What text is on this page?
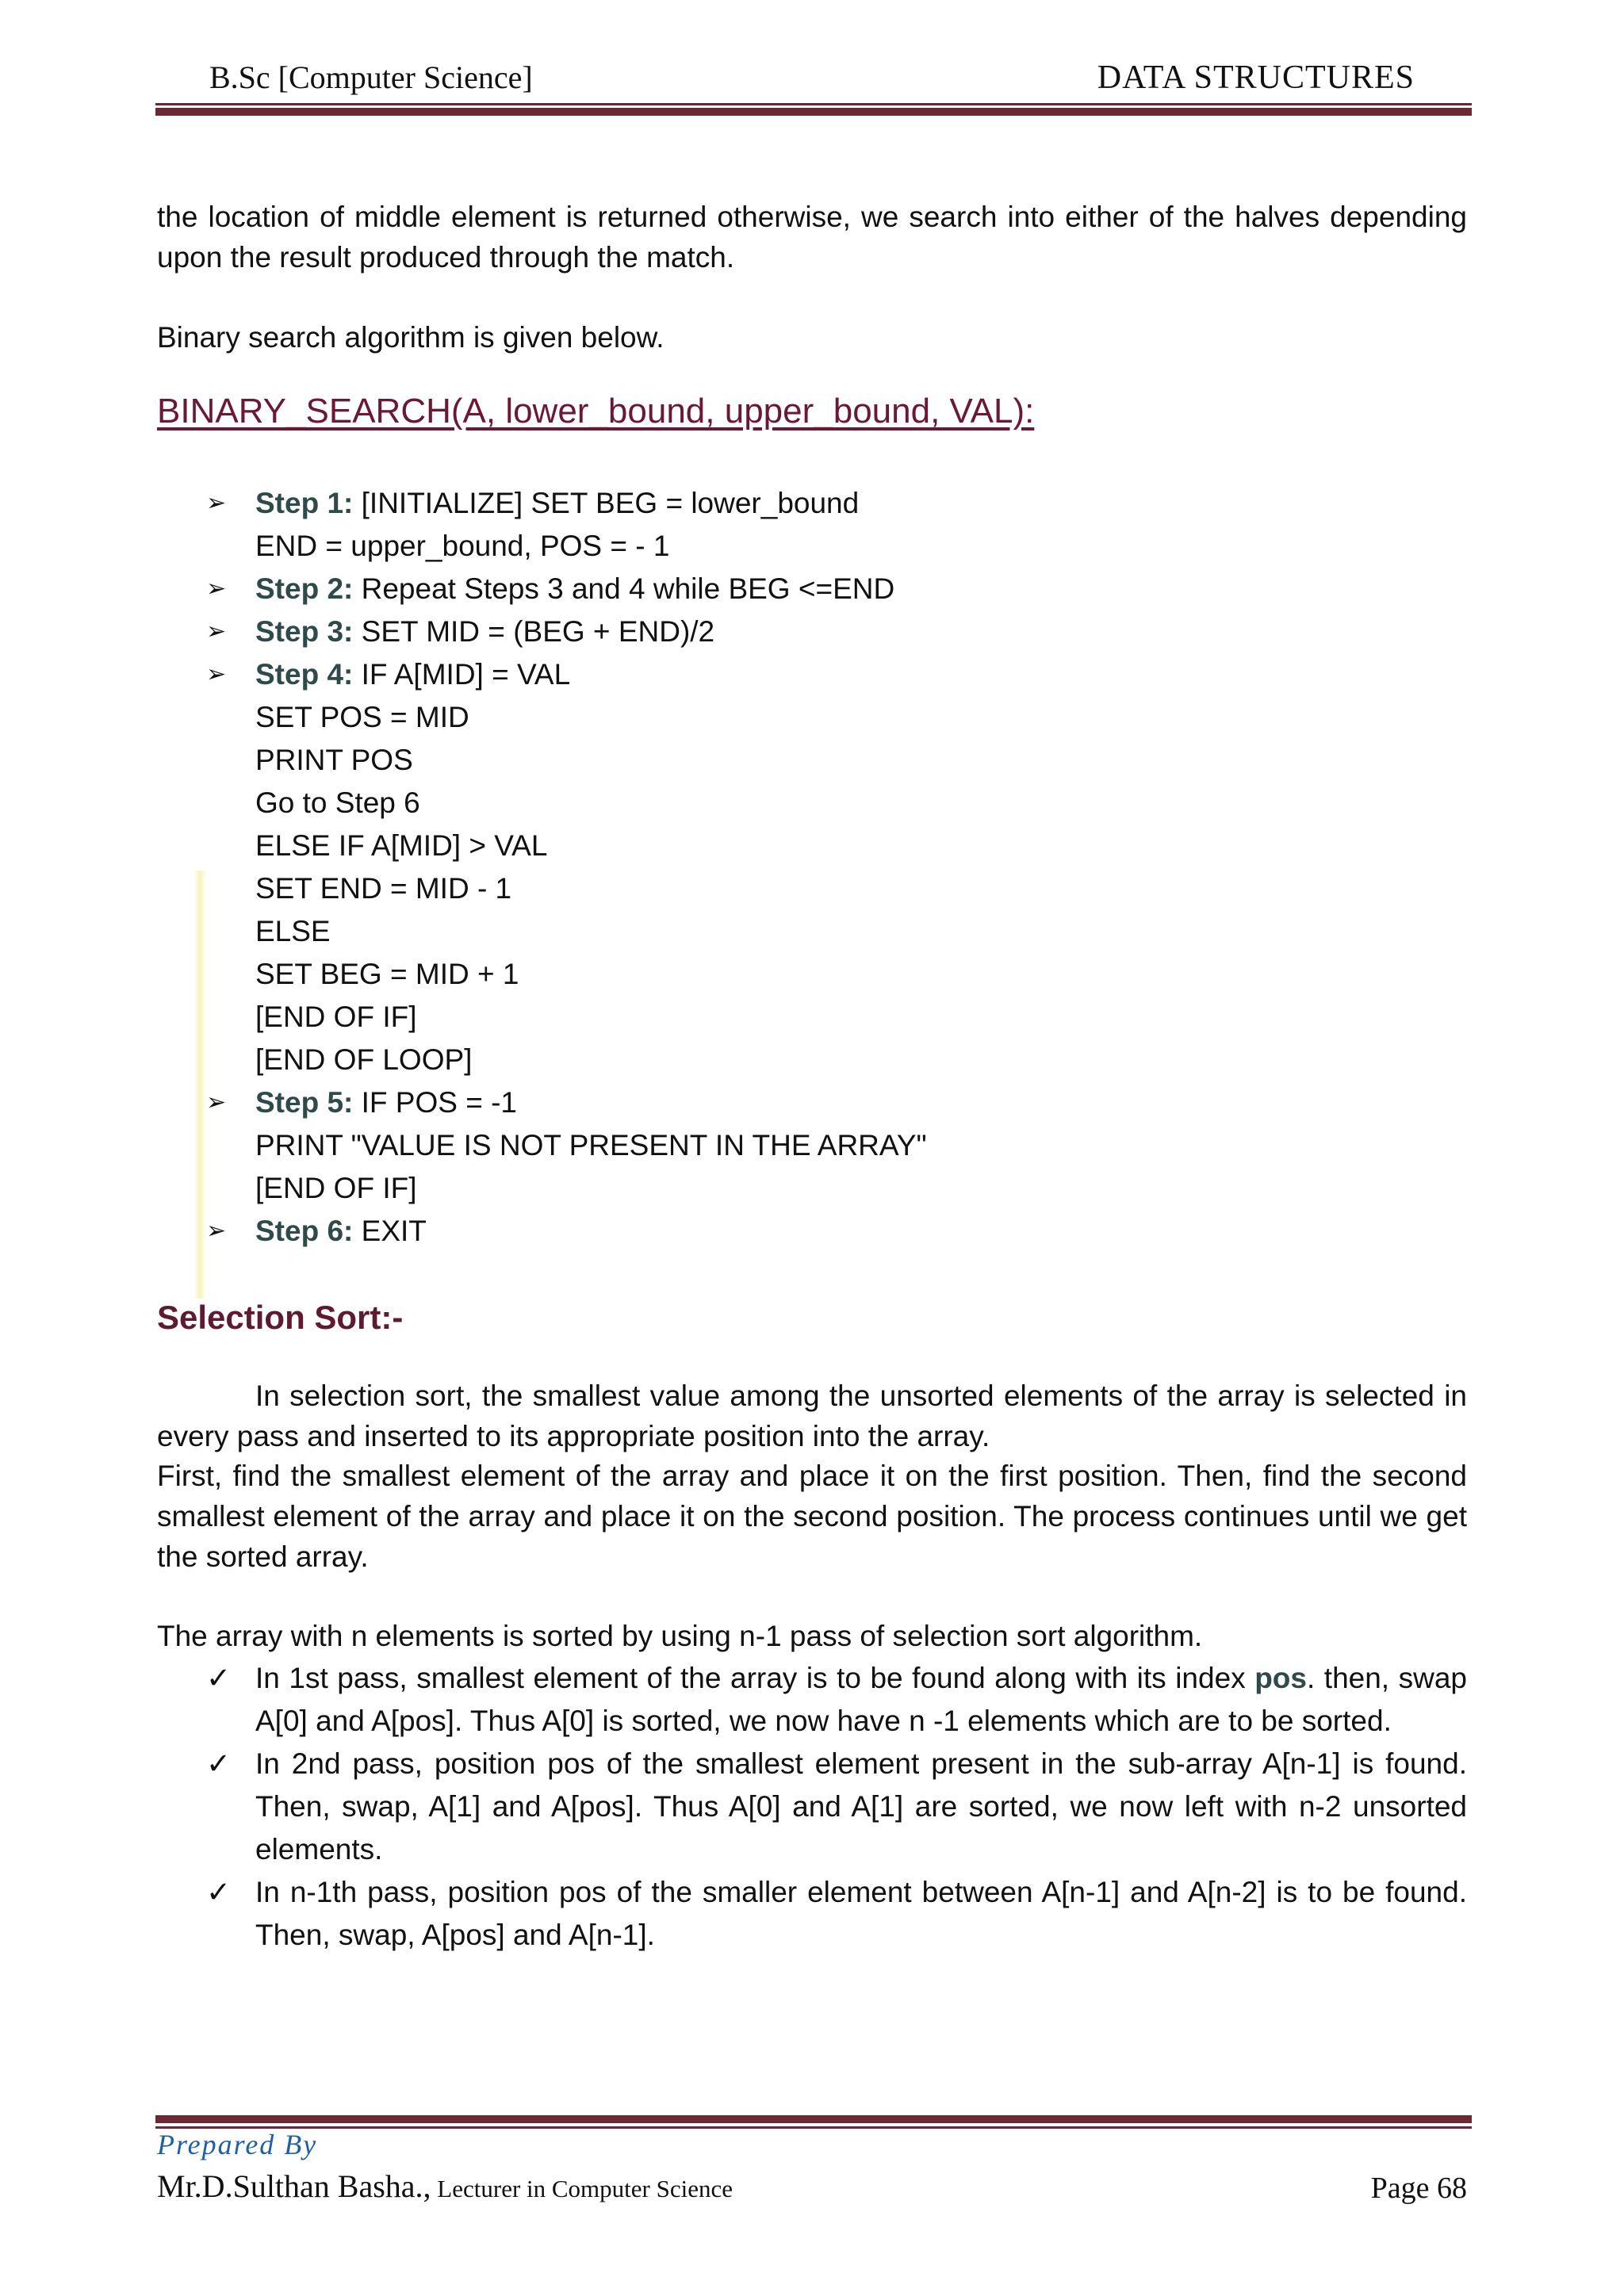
B.Sc [Computer Science]	DATA STRUCTURES
the location of middle element is returned otherwise, we search into either of the halves depending upon the result produced through the match.
Binary search algorithm is given below.
BINARY_SEARCH(A, lower_bound, upper_bound, VAL):
➢ Step 1: [INITIALIZE] SET BEG = lower_bound
END = upper_bound, POS = - 1
➢ Step 2: Repeat Steps 3 and 4 while BEG <=END
➢ Step 3: SET MID = (BEG + END)/2
➢ Step 4: IF A[MID] = VAL
SET POS = MID
PRINT POS
Go to Step 6
ELSE IF A[MID] > VAL
SET END = MID - 1
ELSE
SET BEG = MID + 1
[END OF IF]
[END OF LOOP]
➢ Step 5: IF POS = -1
PRINT "VALUE IS NOT PRESENT IN THE ARRAY"
[END OF IF]
➢ Step 6: EXIT
Selection Sort:-
In selection sort, the smallest value among the unsorted elements of the array is selected in every pass and inserted to its appropriate position into the array.
First, find the smallest element of the array and place it on the first position. Then, find the second smallest element of the array and place it on the second position. The process continues until we get the sorted array.
The array with n elements is sorted by using n-1 pass of selection sort algorithm.
✓ In 1st pass, smallest element of the array is to be found along with its index pos. then, swap A[0] and A[pos]. Thus A[0] is sorted, we now have n -1 elements which are to be sorted.
✓ In 2nd pass, position pos of the smallest element present in the sub-array A[n-1] is found. Then, swap, A[1] and A[pos]. Thus A[0] and A[1] are sorted, we now left with n-2 unsorted elements.
✓ In n-1th pass, position pos of the smaller element between A[n-1] and A[n-2] is to be found. Then, swap, A[pos] and A[n-1].
Prepared By
Mr.D.Sulthan Basha., Lecturer in Computer Science	Page 68
